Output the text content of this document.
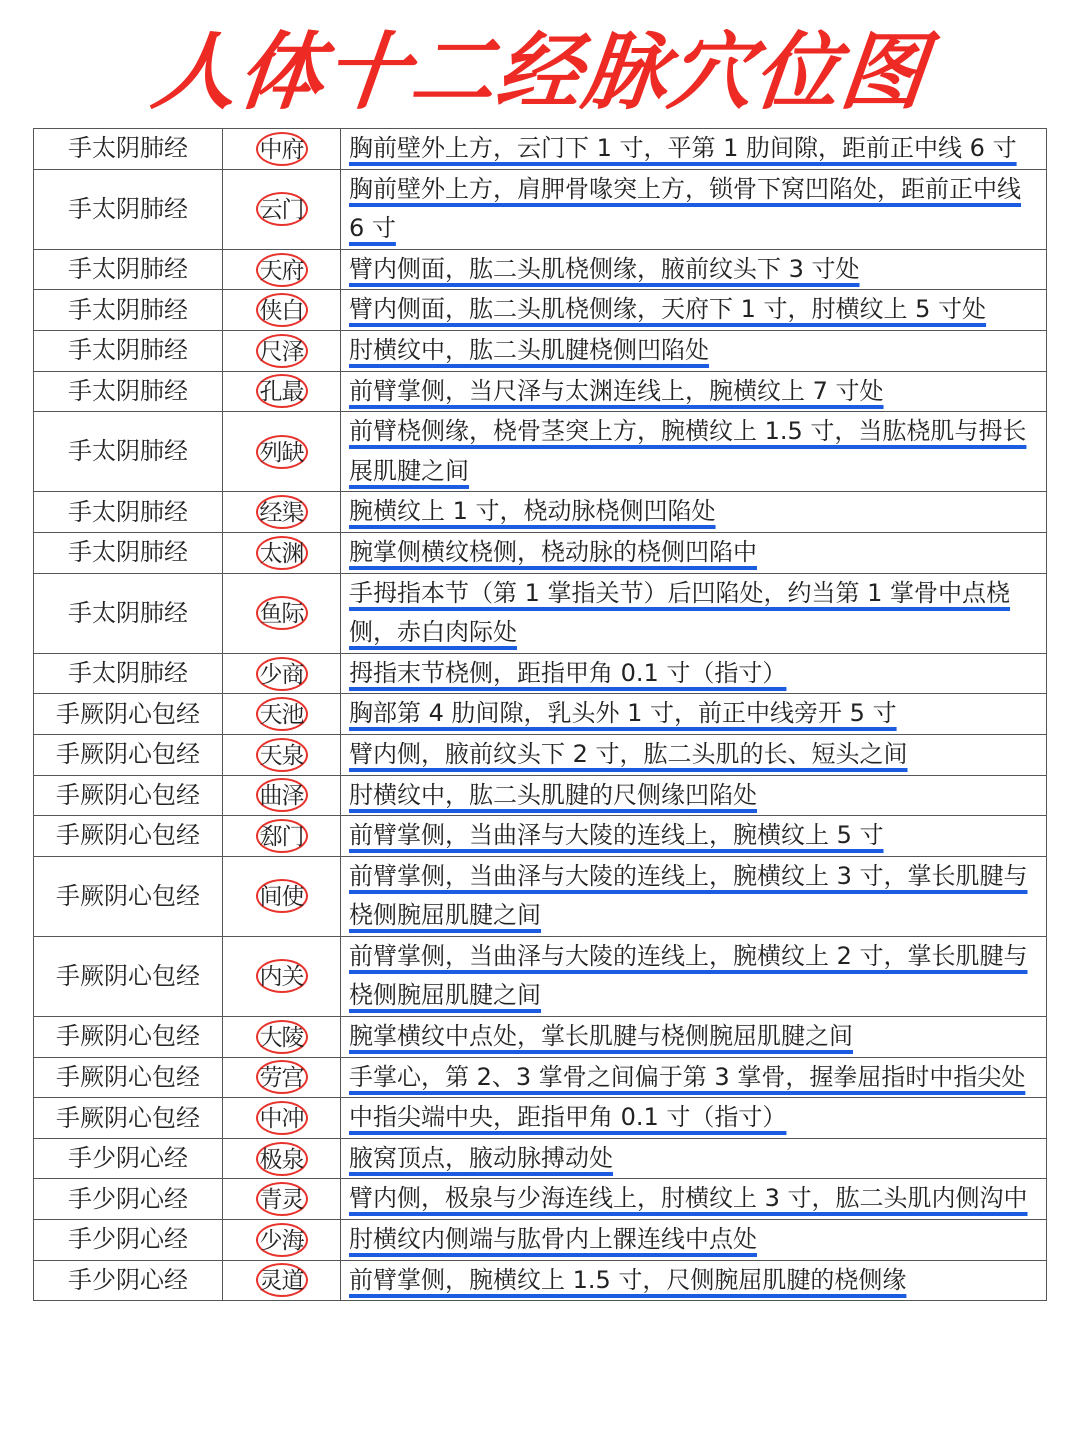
人体十二经脉穴位图
手太阴肺经	中府	胸前壁外上方，云门下 1 寸，平第 1 肋间隙，距前正中线 6 寸
手太阴肺经	云门	胸前壁外上方，肩胛骨喙突上方，锁骨下窝凹陷处，距前正中线 6 寸
手太阴肺经	天府	臂内侧面，肱二头肌桡侧缘，腋前纹头下 3 寸处
手太阴肺经	侠白	臂内侧面，肱二头肌桡侧缘，天府下 1 寸，肘横纹上 5 寸处
手太阴肺经	尺泽	肘横纹中，肱二头肌腱桡侧凹陷处
手太阴肺经	孔最	前臂掌侧，当尺泽与太渊连线上，腕横纹上 7 寸处
手太阴肺经	列缺	前臂桡侧缘，桡骨茎突上方，腕横纹上 1.5 寸，当肱桡肌与拇长展肌腱之间
手太阴肺经	经渠	腕横纹上 1 寸，桡动脉桡侧凹陷处
手太阴肺经	太渊	腕掌侧横纹桡侧，桡动脉的桡侧凹陷中
手太阴肺经	鱼际	手拇指本节（第 1 掌指关节）后凹陷处，约当第 1 掌骨中点桡侧，赤白肉际处
手太阴肺经	少商	拇指末节桡侧，距指甲角 0.1 寸（指寸）
手厥阴心包经	天池	胸部第 4 肋间隙，乳头外 1 寸，前正中线旁开 5 寸
手厥阴心包经	天泉	臂内侧，腋前纹头下 2 寸，肱二头肌的长、短头之间
手厥阴心包经	曲泽	肘横纹中，肱二头肌腱的尺侧缘凹陷处
手厥阴心包经	郄门	前臂掌侧，当曲泽与大陵的连线上，腕横纹上 5 寸
手厥阴心包经	间使	前臂掌侧，当曲泽与大陵的连线上，腕横纹上 3 寸，掌长肌腱与桡侧腕屈肌腱之间
手厥阴心包经	内关	前臂掌侧，当曲泽与大陵的连线上，腕横纹上 2 寸，掌长肌腱与桡侧腕屈肌腱之间
手厥阴心包经	大陵	腕掌横纹中点处，掌长肌腱与桡侧腕屈肌腱之间
手厥阴心包经	劳宫	手掌心，第 2、3 掌骨之间偏于第 3 掌骨，握拳屈指时中指尖处
手厥阴心包经	中冲	中指尖端中央，距指甲角 0.1 寸（指寸）
手少阴心经	极泉	腋窝顶点，腋动脉搏动处
手少阴心经	青灵	臂内侧，极泉与少海连线上，肘横纹上 3 寸，肱二头肌内侧沟中
手少阴心经	少海	肘横纹内侧端与肱骨内上髁连线中点处
手少阴心经	灵道	前臂掌侧，腕横纹上 1.5 寸，尺侧腕屈肌腱的桡侧缘
